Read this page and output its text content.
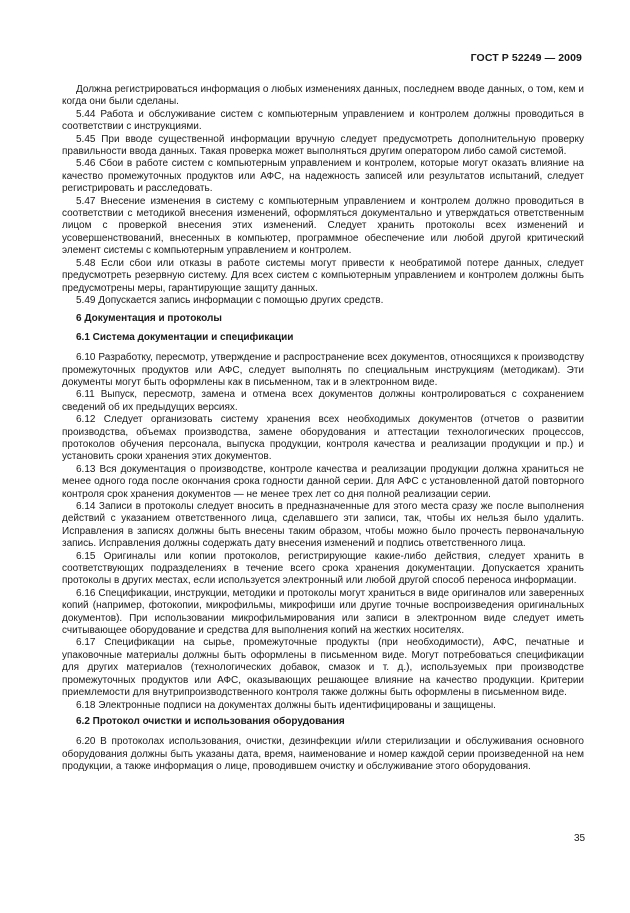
ГОСТ Р 52249 — 2009

Должна регистрироваться информация о любых изменениях данных, последнем вводе данных, о том, кем и когда они были сделаны.

5.44 Работа и обслуживание систем с компьютерным управлением и контролем должны проводиться в соответствии с инструкциями.

5.45 При вводе существенной информации вручную следует предусмотреть дополнительную проверку правильности ввода данных. Такая проверка может выполняться другим оператором либо самой системой.

5.46 Сбои в работе систем с компьютерным управлением и контролем, которые могут оказать влияние на качество промежуточных продуктов или АФС, на надежность записей или результатов испытаний, следует регистрировать и расследовать.

5.47 Внесение изменения в систему с компьютерным управлением и контролем должно проводиться в соответствии с методикой внесения изменений, оформляться документально и утверждаться ответственным лицом с проверкой внесения этих изменений. Следует хранить протоколы всех изменений и усовершенствований, внесенных в компьютер, программное обеспечение или любой другой критический элемент системы с компьютерным управлением и контролем.

5.48 Если сбои или отказы в работе системы могут привести к необратимой потере данных, следует предусмотреть резервную систему. Для всех систем с компьютерным управлением и контролем должны быть предусмотрены меры, гарантирующие защиту данных.

5.49 Допускается запись информации с помощью других средств.

6 Документация и протоколы
6.1 Система документации и спецификации

6.10 Разработку, пересмотр, утверждение и распространение всех документов, относящихся к производству промежуточных продуктов или АФС, следует выполнять по специальным инструкциям (методикам). Эти документы могут быть оформлены как в письменном, так и в электронном виде.

6.11 Выпуск, пересмотр, замена и отмена всех документов должны контролироваться с сохранением сведений об их предыдущих версиях.

6.12 Следует организовать систему хранения всех необходимых документов (отчетов о развитии производства, объемах производства, замене оборудования и аттестации технологических процессов, протоколов обучения персонала, выпуска продукции, контроля качества и реализации продукции и пр.) и установить сроки хранения этих документов.

6.13 Вся документация о производстве, контроле качества и реализации продукции должна храниться не менее одного года после окончания срока годности данной серии. Для АФС с установленной датой повторного контроля срок хранения документов — не менее трех лет со дня полной реализации серии.

6.14 Записи в протоколы следует вносить в предназначенные для этого места сразу же после выполнения действий с указанием ответственного лица, сделавшего эти записи, так, чтобы их нельзя было удалить. Исправления в записях должны быть внесены таким образом, чтобы можно было прочесть первоначальную запись. Исправления должны содержать дату внесения изменений и подпись ответственного лица.

6.15 Оригиналы или копии протоколов, регистрирующие какие-либо действия, следует хранить в соответствующих подразделениях в течение всего срока хранения документации. Допускается хранить протоколы в других местах, если используется электронный или любой другой способ переноса информации.

6.16 Спецификации, инструкции, методики и протоколы могут храниться в виде оригиналов или заверенных копий (например, фотокопии, микрофильмы, микрофиши или другие точные воспроизведения оригинальных документов). При использовании микрофильмирования или записи в электронном виде следует иметь считывающее оборудование и средства для выполнения копий на жестких носителях.

6.17 Спецификации на сырье, промежуточные продукты (при необходимости), АФС, печатные и упаковочные материалы должны быть оформлены в письменном виде. Могут потребоваться спецификации для других материалов (технологических добавок, смазок и т. д.), используемых при производстве промежуточных продуктов или АФС, оказывающих решающее влияние на качество продукции. Критерии приемлемости для внутрипроизводственного контроля также должны быть оформлены в письменном виде.

6.18 Электронные подписи на документах должны быть идентифицированы и защищены.

6.2 Протокол очистки и использования оборудования

6.20 В протоколах использования, очистки, дезинфекции и/или стерилизации и обслуживания основного оборудования должны быть указаны дата, время, наименование и номер каждой серии произведенной на нем продукции, а также информация о лице, проводившем очистку и обслуживание этого оборудования.

35
